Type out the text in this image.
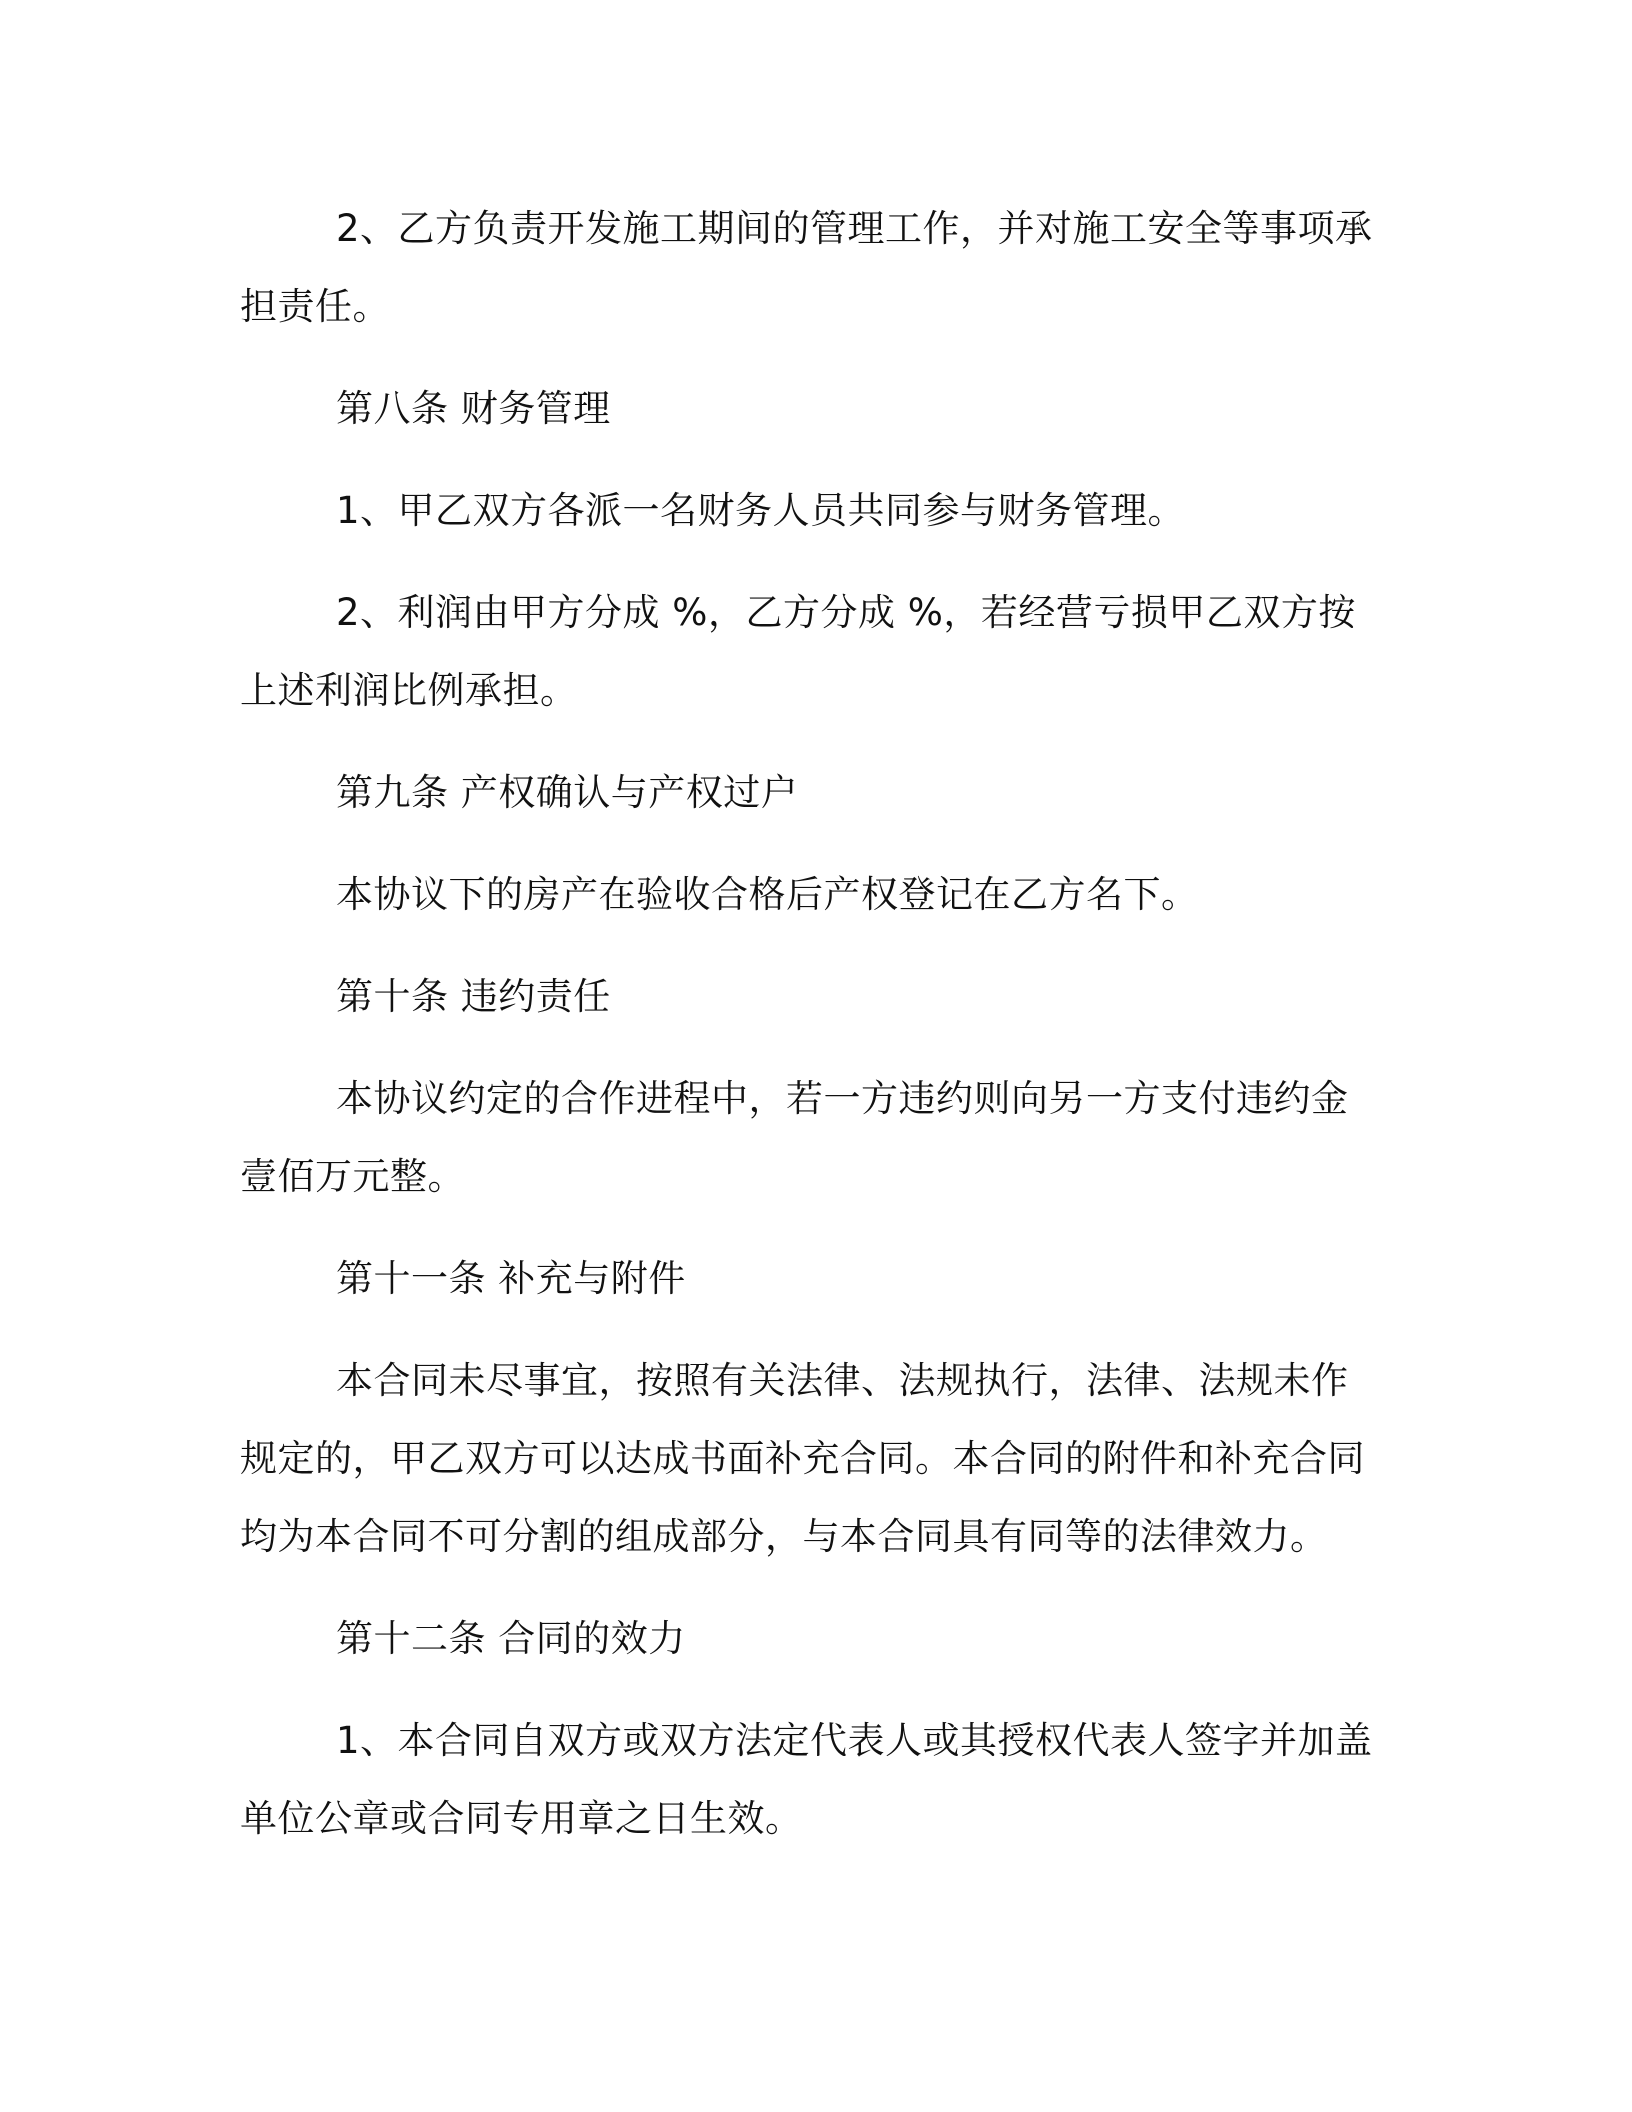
2、乙方负责开发施工期间的管理工作，并对施工安全等事项承担责任。

第八条 财务管理

1、甲乙双方各派一名财务人员共同参与财务管理。

2、利润由甲方分成 %，乙方分成 %，若经营亏损甲乙双方按上述利润比例承担。

第九条 产权确认与产权过户

本协议下的房产在验收合格后产权登记在乙方名下。

第十条 违约责任

本协议约定的合作进程中，若一方违约则向另一方支付违约金壹佰万元整。

第十一条 补充与附件

本合同未尽事宜，按照有关法律、法规执行，法律、法规未作规定的，甲乙双方可以达成书面补充合同。本合同的附件和补充合同均为本合同不可分割的组成部分，与本合同具有同等的法律效力。

第十二条 合同的效力

1、本合同自双方或双方法定代表人或其授权代表人签字并加盖单位公章或合同专用章之日生效。
